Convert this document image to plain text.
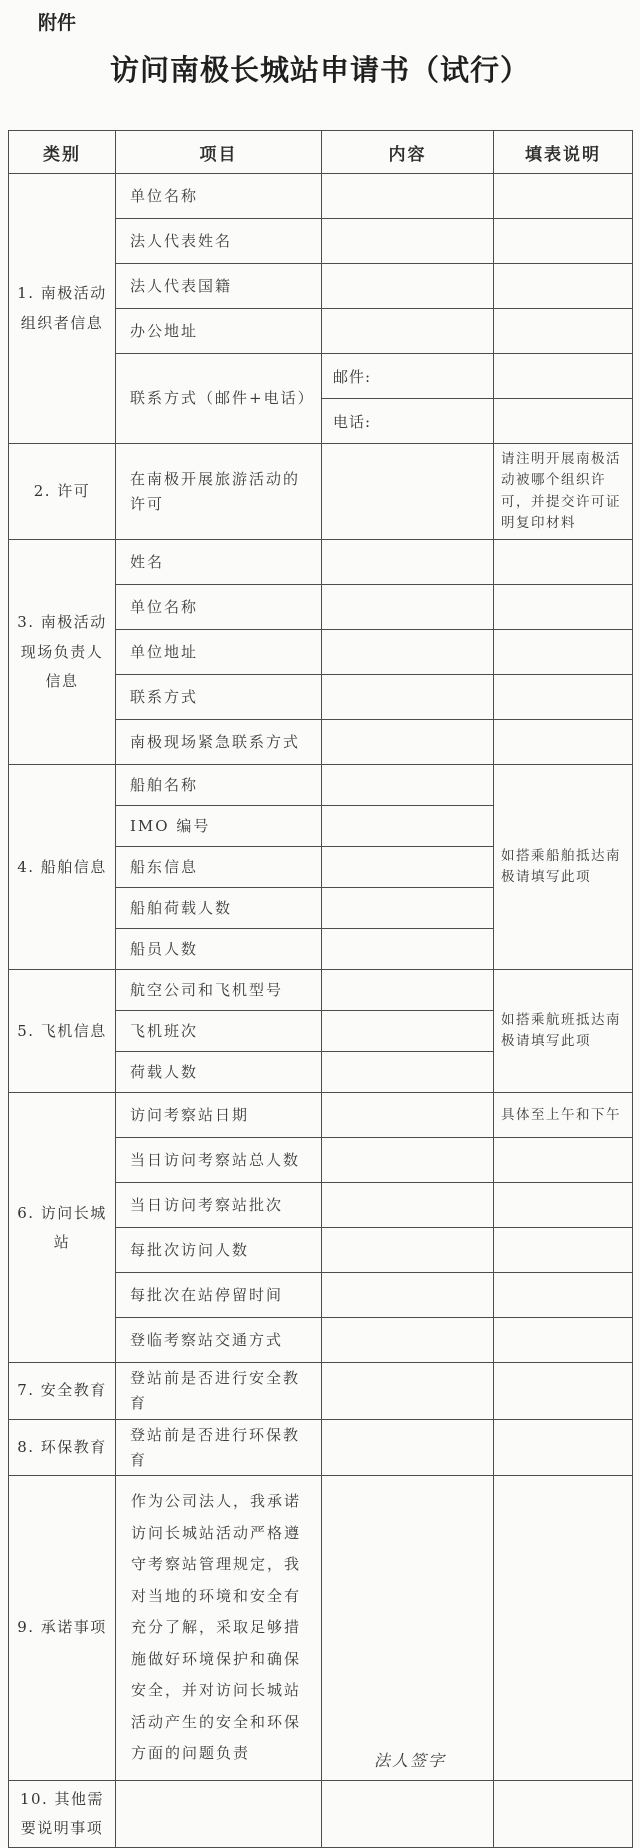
附件
访问南极长城站申请书（试行）
类别	项目	内容	填表说明
1. 南极活动组织者信息	单位名称		
	法人代表姓名		
	法人代表国籍		
	办公地址		
	联系方式（邮件+电话）	邮件:	
		电话:	
2. 许可	在南极开展旅游活动的许可		请注明开展南极活动被哪个组织许可，并提交许可证明复印材料
3. 南极活动现场负责人信息	姓名		
	单位名称		
	单位地址		
	联系方式		
	南极现场紧急联系方式		
4. 船舶信息	船舶名称		如搭乘船舶抵达南极请填写此项
	IMO 编号		
	船东信息		
	船舶荷载人数		
	船员人数		
5. 飞机信息	航空公司和飞机型号		如搭乘航班抵达南极请填写此项
	飞机班次		
	荷载人数		
6. 访问长城站	访问考察站日期		具体至上午和下午
	当日访问考察站总人数		
	当日访问考察站批次		
	每批次访问人数		
	每批次在站停留时间		
	登临考察站交通方式		
7. 安全教育	登站前是否进行安全教育		
8. 环保教育	登站前是否进行环保教育		
9. 承诺事项	作为公司法人，我承诺访问长城站活动严格遵守考察站管理规定，我对当地的环境和安全有充分了解，采取足够措施做好环境保护和确保安全，并对访问长城站活动产生的安全和环保方面的问题负责	法人签字	
10. 其他需要说明事项			
